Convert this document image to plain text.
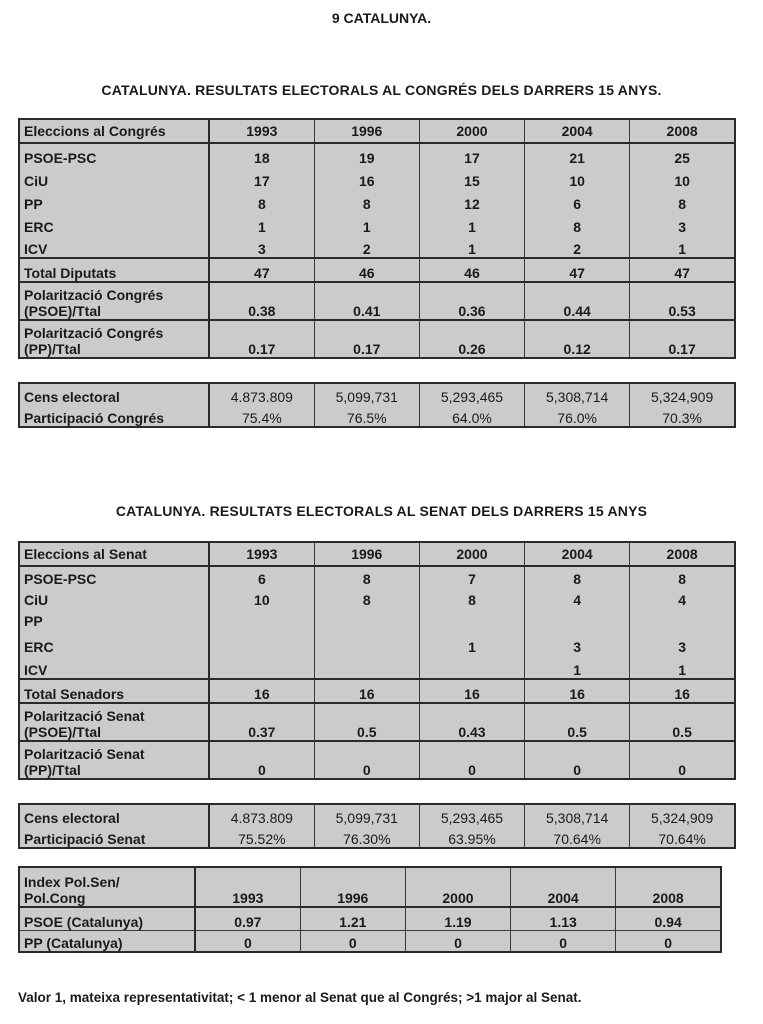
9 CATALUNYA.
CATALUNYA. RESULTATS ELECTORALS AL CONGRÉS DELS DARRERS 15 ANYS.
Eleccions al Congrés	1993	1996	2000	2004	2008
PSOE-PSC	18	19	17	21	25
CiU	17	16	15	10	10
PP	8	8	12	6	8
ERC	1	1	1	8	3
ICV	3	2	1	2	1
Total Diputats	47	46	46	47	47
Polarització Congrés
(PSOE)/Ttal	0.38	0.41	0.36	0.44	0.53
Polarització Congrés
(PP)/Ttal	0.17	0.17	0.26	0.12	0.17
Cens electoral	4.873.809	5,099,731	5,293,465	5,308,714	5,324,909
Participació Congrés	75.4%	76.5%	64.0%	76.0%	70.3%
CATALUNYA. RESULTATS ELECTORALS AL SENAT DELS DARRERS 15 ANYS
Eleccions al Senat	1993	1996	2000	2004	2008
PSOE-PSC	6	8	7	8	8
CiU	10	8	8	4	4
PP					
ERC			1	3	3
ICV				1	1
Total Senadors	16	16	16	16	16
Polarització Senat
(PSOE)/Ttal	0.37	0.5	0.43	0.5	0.5
Polarització Senat
(PP)/Ttal	0	0	0	0	0
Cens electoral	4.873.809	5,099,731	5,293,465	5,308,714	5,324,909
Participació Senat	75.52%	76.30%	63.95%	70.64%	70.64%
Index Pol.Sen/
Pol.Cong	1993	1996	2000	2004	2008
PSOE (Catalunya)	0.97	1.21	1.19	1.13	0.94
PP (Catalunya)	0	0	0	0	0
Valor 1, mateixa representativitat; < 1 menor al Senat que al Congrés; >1 major al Senat.
